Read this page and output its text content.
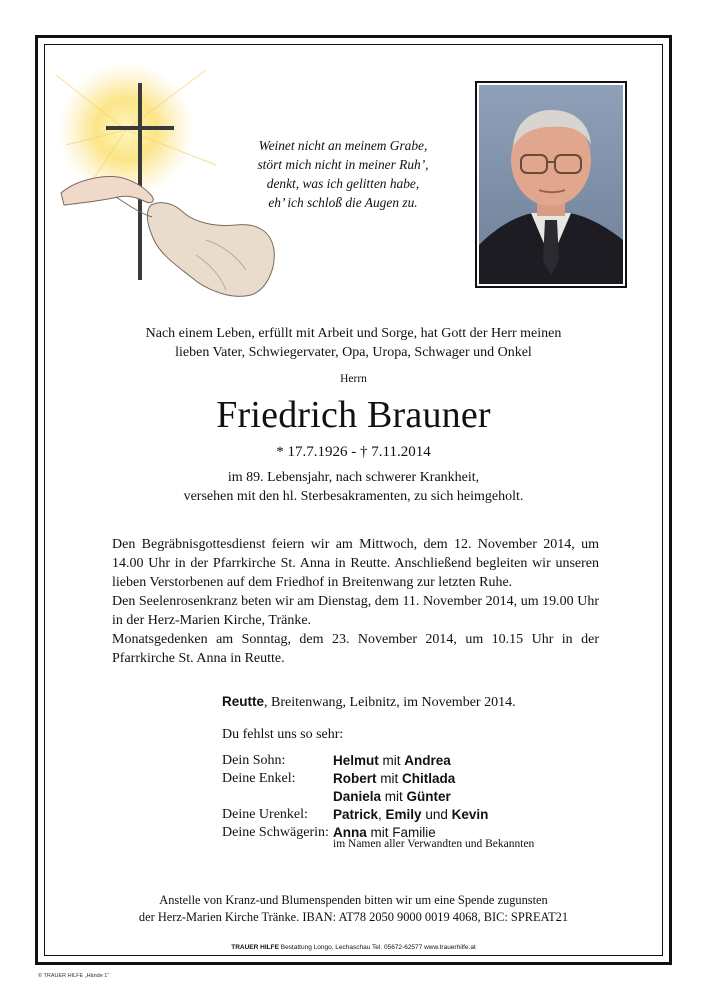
Weinet nicht an meinem Grabe,
stört mich nicht in meiner Ruh’,
denkt, was ich gelitten habe,
eh’ ich schloß die Augen zu.
Nach einem Leben, erfüllt mit Arbeit und Sorge, hat Gott der Herr meinen
lieben Vater, Schwiegervater, Opa, Uropa, Schwager und Onkel
Herrn
Friedrich Brauner
* 17.7.1926 - † 7.11.2014
im 89. Lebensjahr, nach schwerer Krankheit,
versehen mit den hl. Sterbesakramenten, zu sich heimgeholt.

Den Begräbnisgottesdienst feiern wir am Mittwoch, dem 12. November 2014, um 14.00 Uhr in der Pfarrkirche St. Anna in Reutte. Anschließend begleiten wir unseren lieben Verstorbenen auf dem Friedhof in Breitenwang zur letzten Ruhe.

Den Seelenrosenkranz beten wir am Dienstag, dem 11. November 2014, um 19.00 Uhr in der Herz-Marien Kirche, Tränke.

Monatsgedenken am Sonntag, dem 23. November 2014, um 10.15 Uhr in der Pfarrkirche St. Anna in Reutte.

Reutte, Breitenwang, Leibnitz, im November 2014.
Du fehlst uns so sehr:
Dein Sohn:	Helmut mit Andrea
Deine Enkel:	Robert mit Chitlada
Daniela mit Günter
Deine Urenkel:	Patrick, Emily und Kevin
Deine Schwägerin: Anna mit Familie
im Namen aller Verwandten und Bekannten
Anstelle von Kranz-und Blumenspenden bitten wir um eine Spende zugunsten
der Herz-Marien Kirche Tränke. IBAN: AT78 2050 9000 0019 4068, BIC: SPREAT21
TRAUER HILFE Bestattung Longo, Lechaschau Tel. 05672-62577 www.trauerhilfe.at
© TRAUER HILFE „Hände 1“
